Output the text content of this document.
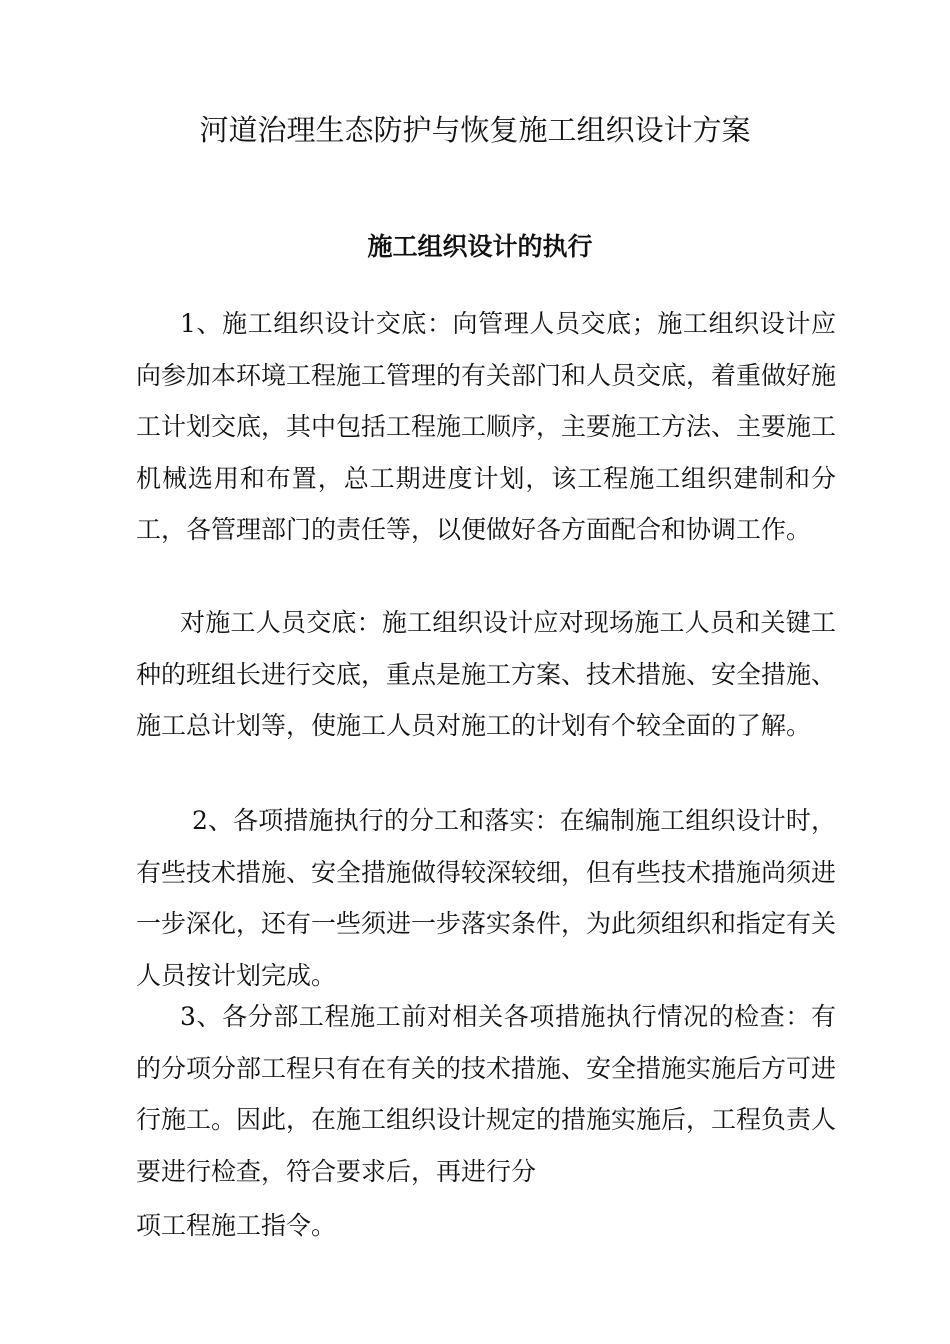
河道治理生态防护与恢复施工组织设计方案
施工组织设计的执行

1、施工组织设计交底：向管理人员交底；施工组织设计应向参加本环境工程施工管理的有关部门和人员交底，着重做好施工计划交底，其中包括工程施工顺序，主要施工方法、主要施工机械选用和布置，总工期进度计划，该工程施工组织建制和分工，各管理部门的责任等，以便做好各方面配合和协调工作。

对施工人员交底：施工组织设计应对现场施工人员和关键工种的班组长进行交底，重点是施工方案、技术措施、安全措施、施工总计划等，使施工人员对施工的计划有个较全面的了解。

2、各项措施执行的分工和落实：在编制施工组织设计时，有些技术措施、安全措施做得较深较细，但有些技术措施尚须进一步深化，还有一些须进一步落实条件，为此须组织和指定有关人员按计划完成。

3、各分部工程施工前对相关各项措施执行情况的检查：有的分项分部工程只有在有关的技术措施、安全措施实施后方可进行施工。因此，在施工组织设计规定的措施实施后，工程负责人要进行检查，符合要求后，再进行分

项工程施工指令。
